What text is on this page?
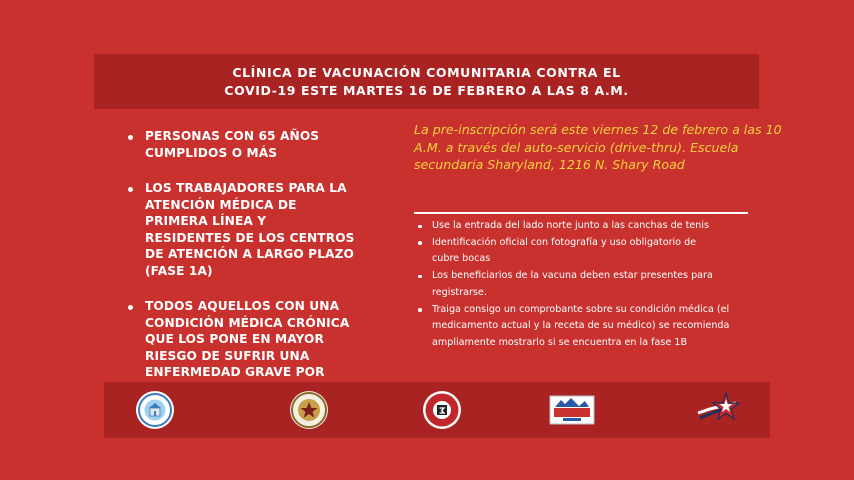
CLÍNICA DE VACUNACIÓN COMUNITARIA CONTRA EL
COVID-19 ESTE MARTES 16 DE FEBRERO A LAS 8 A.M.
PERSONAS CON 65 AÑOS CUMPLIDOS O MÁS
LOS TRABAJADORES PARA LA ATENCIÓN MÉDICA DE PRIMERA LÍNEA Y RESIDENTES DE LOS CENTROS DE ATENCIÓN A LARGO PLAZO (FASE 1A)
TODOS AQUELLOS CON UNA CONDICIÓN MÉDICA CRÓNICA QUE LOS PONE EN MAYOR RIESGO DE SUFRIR UNA ENFERMEDAD GRAVE POR
La pre-inscripción será este viernes 12 de febrero a las 10 A.M. a través del auto-servicio (drive-thru). Escuela secundaria Sharyland, 1216 N. Shary Road
Use la entrada del lado norte junto a las canchas de tenis
Identificación oficial con fotografía y uso obligatorio de cubre bocas
Los beneficiarios de la vacuna deben estar presentes para registrarse.
Traiga consigo un comprobante sobre su condición médica (el medicamento actual y la receta de su médico) se recomienda ampliamente mostrarlo si se encuentra en la fase 1B
